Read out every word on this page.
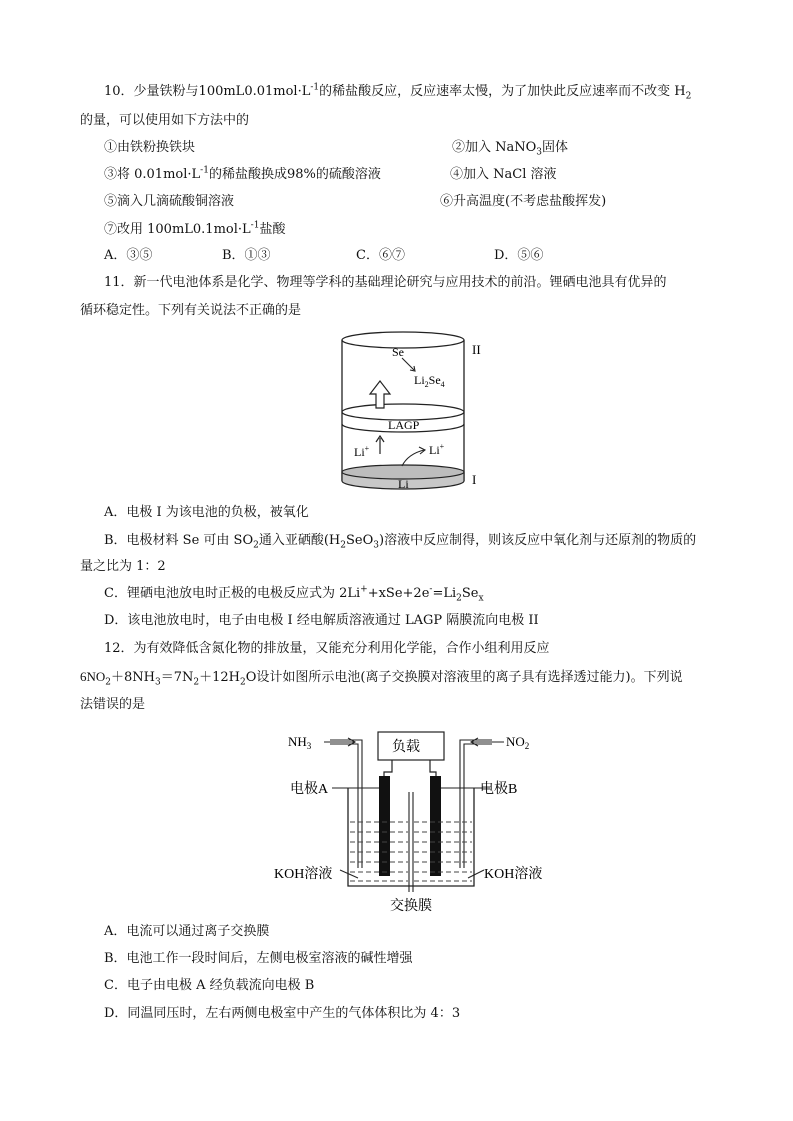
10．少量铁粉与$100mL0.01mol\cdot L^{-1}$的稀盐酸反应，反应速率太慢，为了加快此反应速率而不改变 $H_2$
的量，可以使用如下方法中的
①由铁粉换铁块	②加入 NaNO$_3$固体
③将 $0.01mol\cdot L^{-1}$的稀盐酸换成98%的硫酸溶液	④加入 NaCl 溶液
⑤滴入几滴硫酸铜溶液	⑥升高温度(不考虑盐酸挥发)
⑦改用 $100mL0.1mol\cdot L^{-1}$盐酸
A．③⑤	B．①③	C．⑥⑦	D．⑤⑥
11．新一代电池体系是化学、物理等学科的基础理论研究与应用技术的前沿。锂硒电池具有优异的
循环稳定性。下列有关说法不正确的是
Se
$Li_2Se_4$
LAGP
Li+	Li+
Li
II
I
A．电极 I 为该电池的负极，被氧化
B．电极材料 Se 可由 $SO_2$通入亚硒酸$(H_2SeO_3)$溶液中反应制得，则该反应中氧化剂与还原剂的物质的
量之比为 1：2
C．锂硒电池放电时正极的电极反应式为 $2Li^++xSe+2e^-=Li_2Se_x$
D．该电池放电时，电子由电极 I 经电解质溶液通过 LAGP 隔膜流向电极 II
12．为有效降低含氮化物的排放量，又能充分利用化学能，合作小组利用反应
$6NO_2+8NH_3=7N_2+12H_2O$设计如图所示电池(离子交换膜对溶液里的离子具有选择透过能力)。下列说
法错误的是
负载
$NH_3$	$NO_2$
电极A	电极B
KOH溶液	KOH溶液
交换膜
A．电流可以通过离子交换膜
B．电池工作一段时间后，左侧电极室溶液的碱性增强
C．电子由电极 A 经负载流向电极 B
D．同温同压时，左右两侧电极室中产生的气体体积比为 4：3
